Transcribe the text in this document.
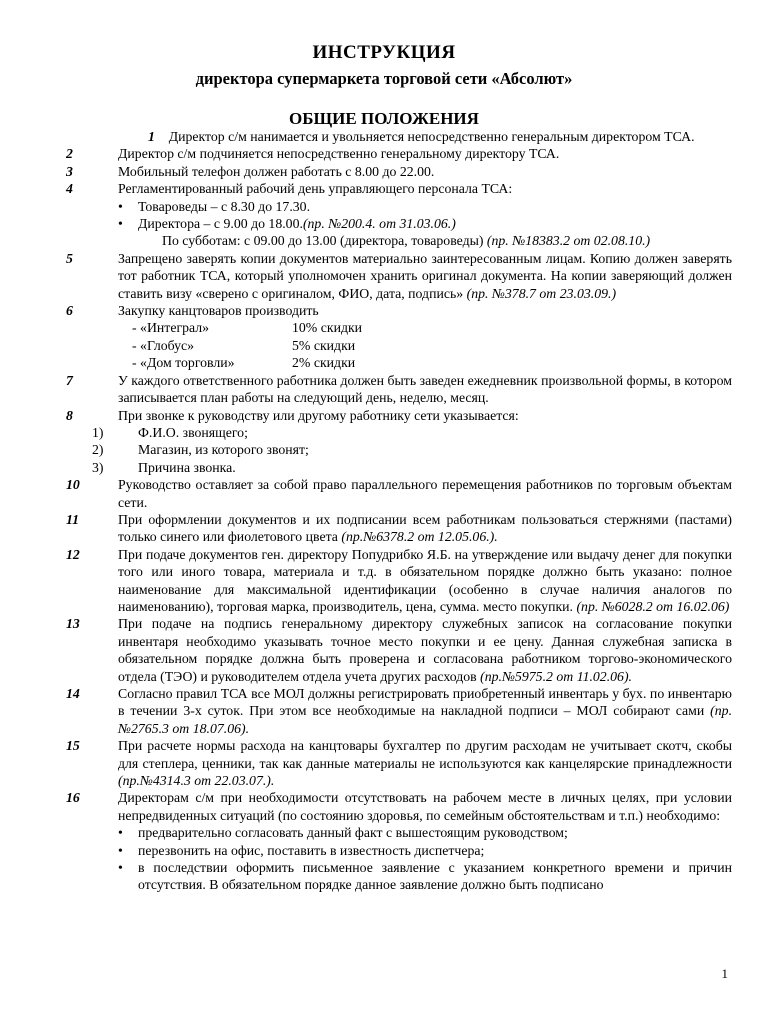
ИНСТРУКЦИЯ
директора супермаркета торговой сети «Абсолют»
ОБЩИЕ ПОЛОЖЕНИЯ
1 Директор с/м нанимается и увольняется непосредственно генеральным директором ТСА.
2	Директор с/м подчиняется непосредственно генеральному директору ТСА.
3	Мобильный телефон должен работать с 8.00 до 22.00.
4	Регламентированный рабочий день управляющего персонала ТСА:
• Товароведы – с 8.30 до 17.30.
• Директора – с 9.00 до 18.00.(пр. №200.4. от 31.03.06.)
По субботам: с 09.00 до 13.00 (директора, товароведы) (пр. №18383.2 от 02.08.10.)
5	Запрещено заверять копии документов материально заинтересованным лицам. Копию должен заверять тот работник ТСА, который уполномочен хранить оригинал документа. На копии заверяющий должен ставить визу «сверено с оригиналом, ФИО, дата, подпись» (пр. №378.7 от 23.03.09.)
6	Закупку канцтоваров производить
- «Интеграл»	10% скидки
- «Глобус»	5% скидки
- «Дом торговли»	2% скидки
7	У каждого ответственного работника должен быть заведен ежедневник произвольной формы, в котором записывается план работы на следующий день, неделю, месяц.
8	При звонке к руководству или другому работнику сети указывается:
1)	Ф.И.О. звонящего;
2)	Магазин, из которого звонят;
3)	Причина звонка.
10	Руководство оставляет за собой право параллельного перемещения работников по торговым объектам сети.
11	При оформлении документов и их подписании всем работникам пользоваться стержнями (пастами) только синего или фиолетового цвета (пр.№6378.2 от 12.05.06.).
12	При подаче документов ген. директору Попудрибко Я.Б. на утверждение или выдачу денег для покупки того или иного товара, материала и т.д. в обязательном порядке должно быть указано: полное наименование для максимальной идентификации (особенно в случае наличия аналогов по наименованию), торговая марка, производитель, цена, сумма. место покупки. (пр. №6028.2 от 16.02.06)
13	При подаче на подпись генеральному директору служебных записок на согласование покупки инвентаря необходимо указывать точное место покупки и ее цену. Данная служебная записка в обязательном порядке должна быть проверена и согласована работником торгово-экономического отдела (ТЭО) и руководителем отдела учета других расходов (пр.№5975.2 от 11.02.06).
14	Согласно правил ТСА все МОЛ должны регистрировать приобретенный инвентарь у бух. по инвентарю в течении 3-х суток. При этом все необходимые на накладной подписи – МОЛ собирают сами (пр.№2765.3 от 18.07.06).
15	При расчете нормы расхода на канцтовары бухгалтер по другим расходам не учитывает скотч, скобы для степлера, ценники, так как данные материалы не используются как канцелярские принадлежности (пр.№4314.3 от 22.03.07.).
16	Директорам с/м при необходимости отсутствовать на рабочем месте в личных целях, при условии непредвиденных ситуаций (по состоянию здоровья, по семейным обстоятельствам и т.п.) необходимо:
• предварительно согласовать данный факт с вышестоящим руководством;
• перезвонить на офис, поставить в известность диспетчера;
• в последствии оформить письменное заявление с указанием конкретного времени и причин отсутствия. В обязательном порядке данное заявление должно быть подписано
1
